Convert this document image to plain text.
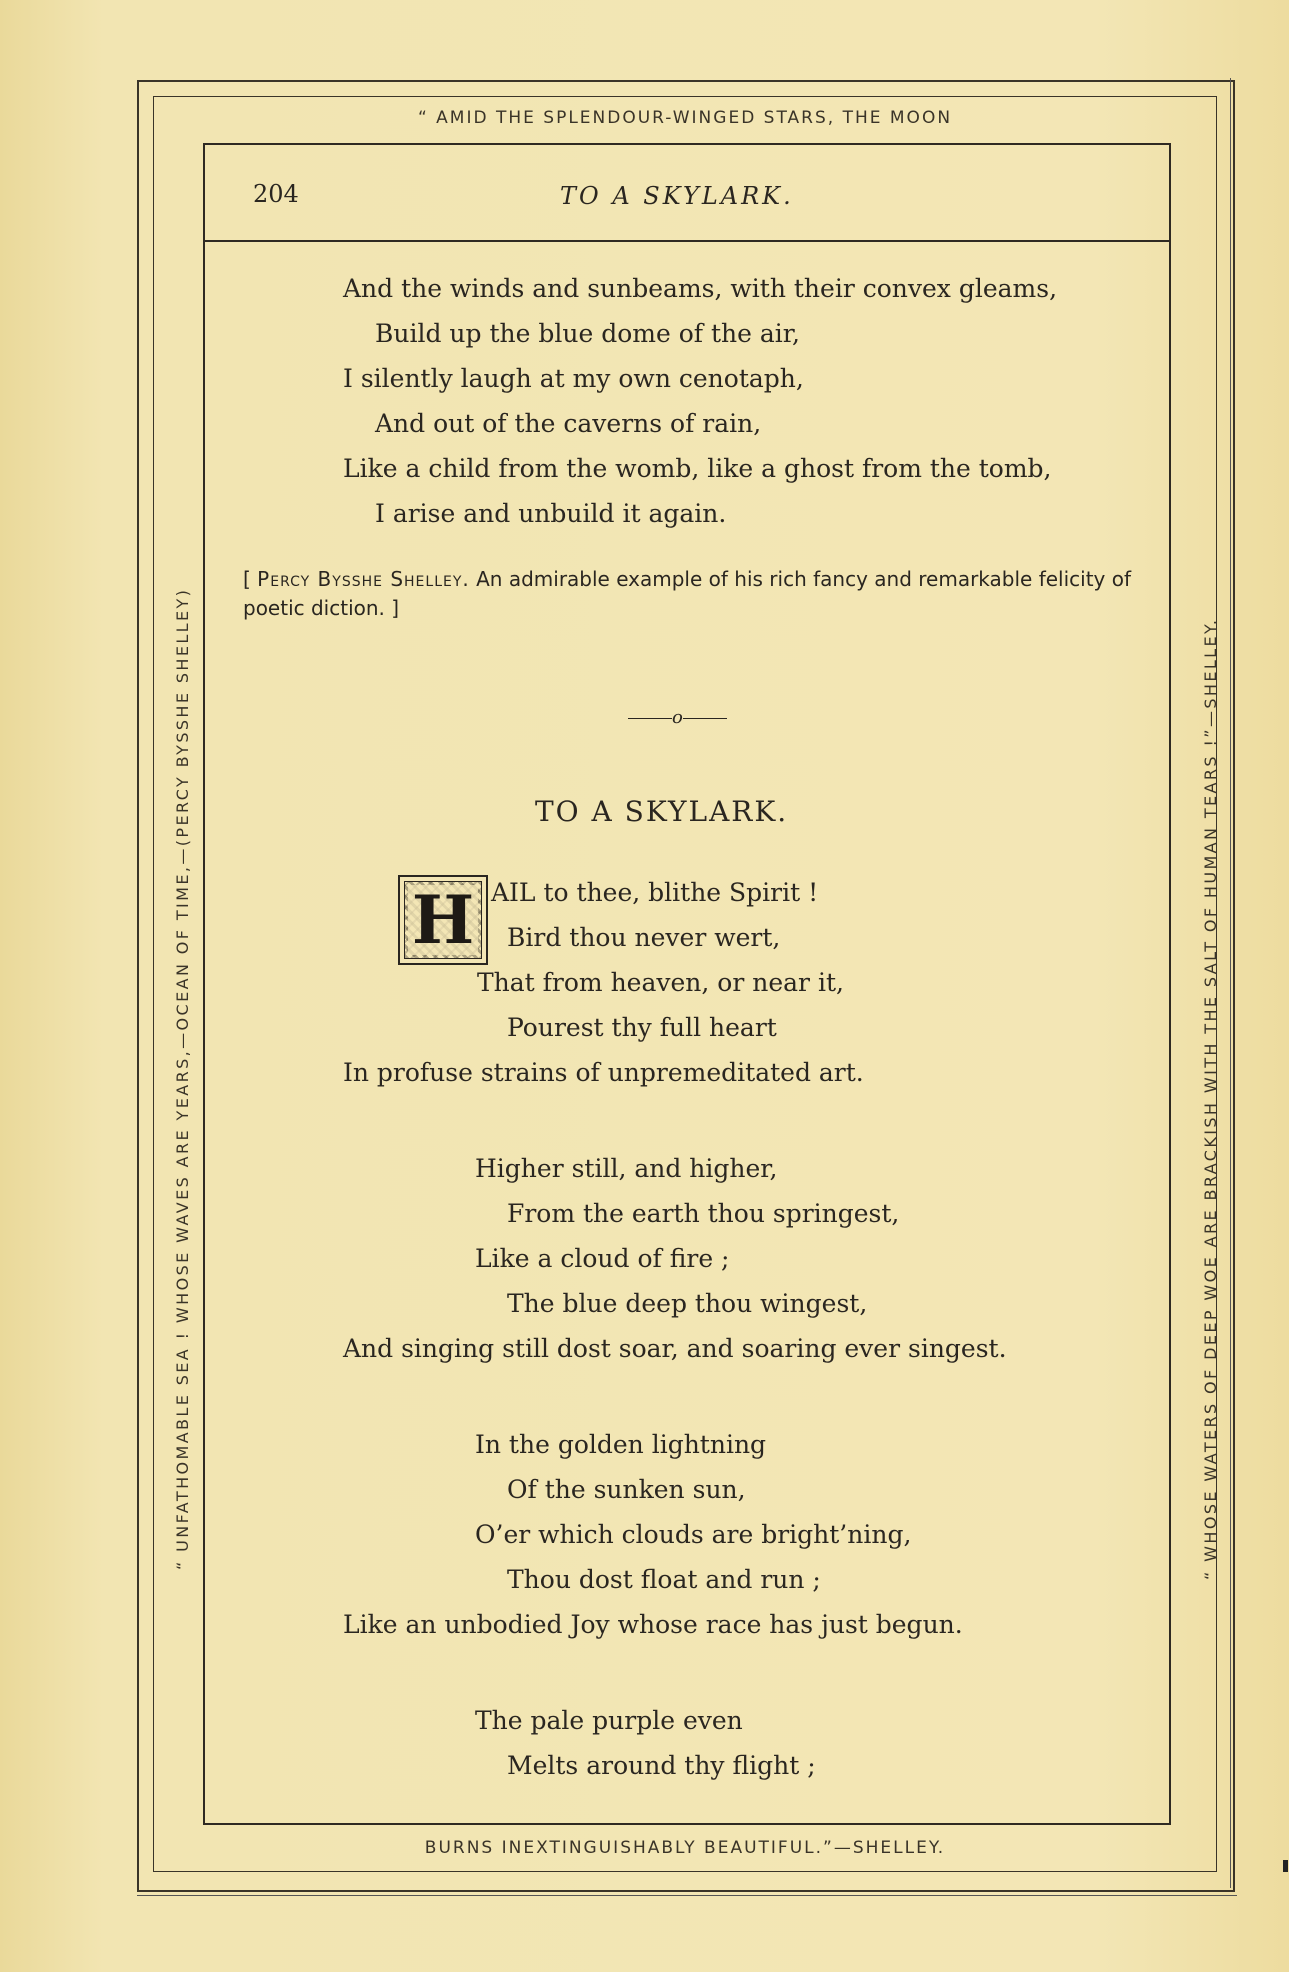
“ AMID THE SPLENDOUR-WINGED STARS, THE MOON
BURNS INEXTINGUISHABLY BEAUTIFUL.”—SHELLEY.
“ UNFATHOMABLE SEA ! WHOSE WAVES ARE YEARS,—OCEAN OF TIME,—(PERCY BYSSHE SHELLEY)	“ WHOSE WATERS OF DEEP WOE ARE BRACKISH WITH THE SALT OF HUMAN TEARS !”—SHELLEY.
204	TO A SKYLARK.
And the winds and sunbeams, with their convex gleams,
Build up the blue dome of the air,
I silently laugh at my own cenotaph,
And out of the caverns of rain,
Like a child from the womb, like a ghost from the tomb,
I arise and unbuild it again.
[ Percy Bysshe Shelley. An admirable example of his rich fancy and remarkable felicity of poetic diction. ]
o
TO A SKYLARK.
H AIL to thee, blithe Spirit !
Bird thou never wert,
That from heaven, or near it,
Pourest thy full heart
In profuse strains of unpremeditated art.
Higher still, and higher,
From the earth thou springest,
Like a cloud of fire ;
The blue deep thou wingest,
And singing still dost soar, and soaring ever singest.
In the golden lightning
Of the sunken sun,
O’er which clouds are bright’ning,
Thou dost float and run ;
Like an unbodied Joy whose race has just begun.
The pale purple even
Melts around thy flight ;
